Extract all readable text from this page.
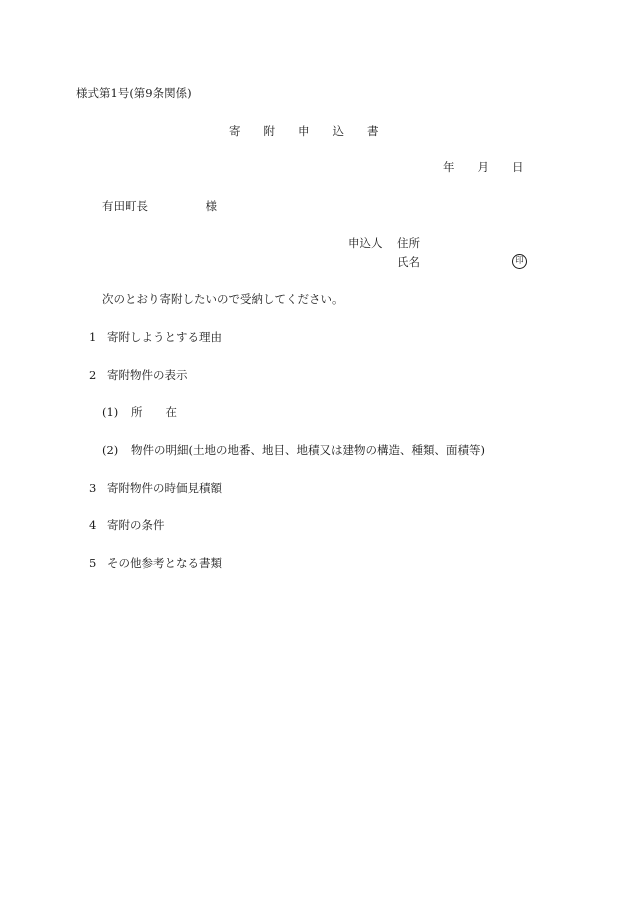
様式第1号(第9条関係)
寄　　附　　申　　込　　書
年　　月　　日
有田町長　　　　　様
申込人 住所
氏名	印
次のとおり寄附したいので受納してください。
1 寄附しようとする理由
2 寄附物件の表示
(1) 所　　在
(2) 物件の明細(土地の地番、地目、地積又は建物の構造、種類、面積等)
3 寄附物件の時価見積額
4 寄附の条件
5 その他参考となる書類
